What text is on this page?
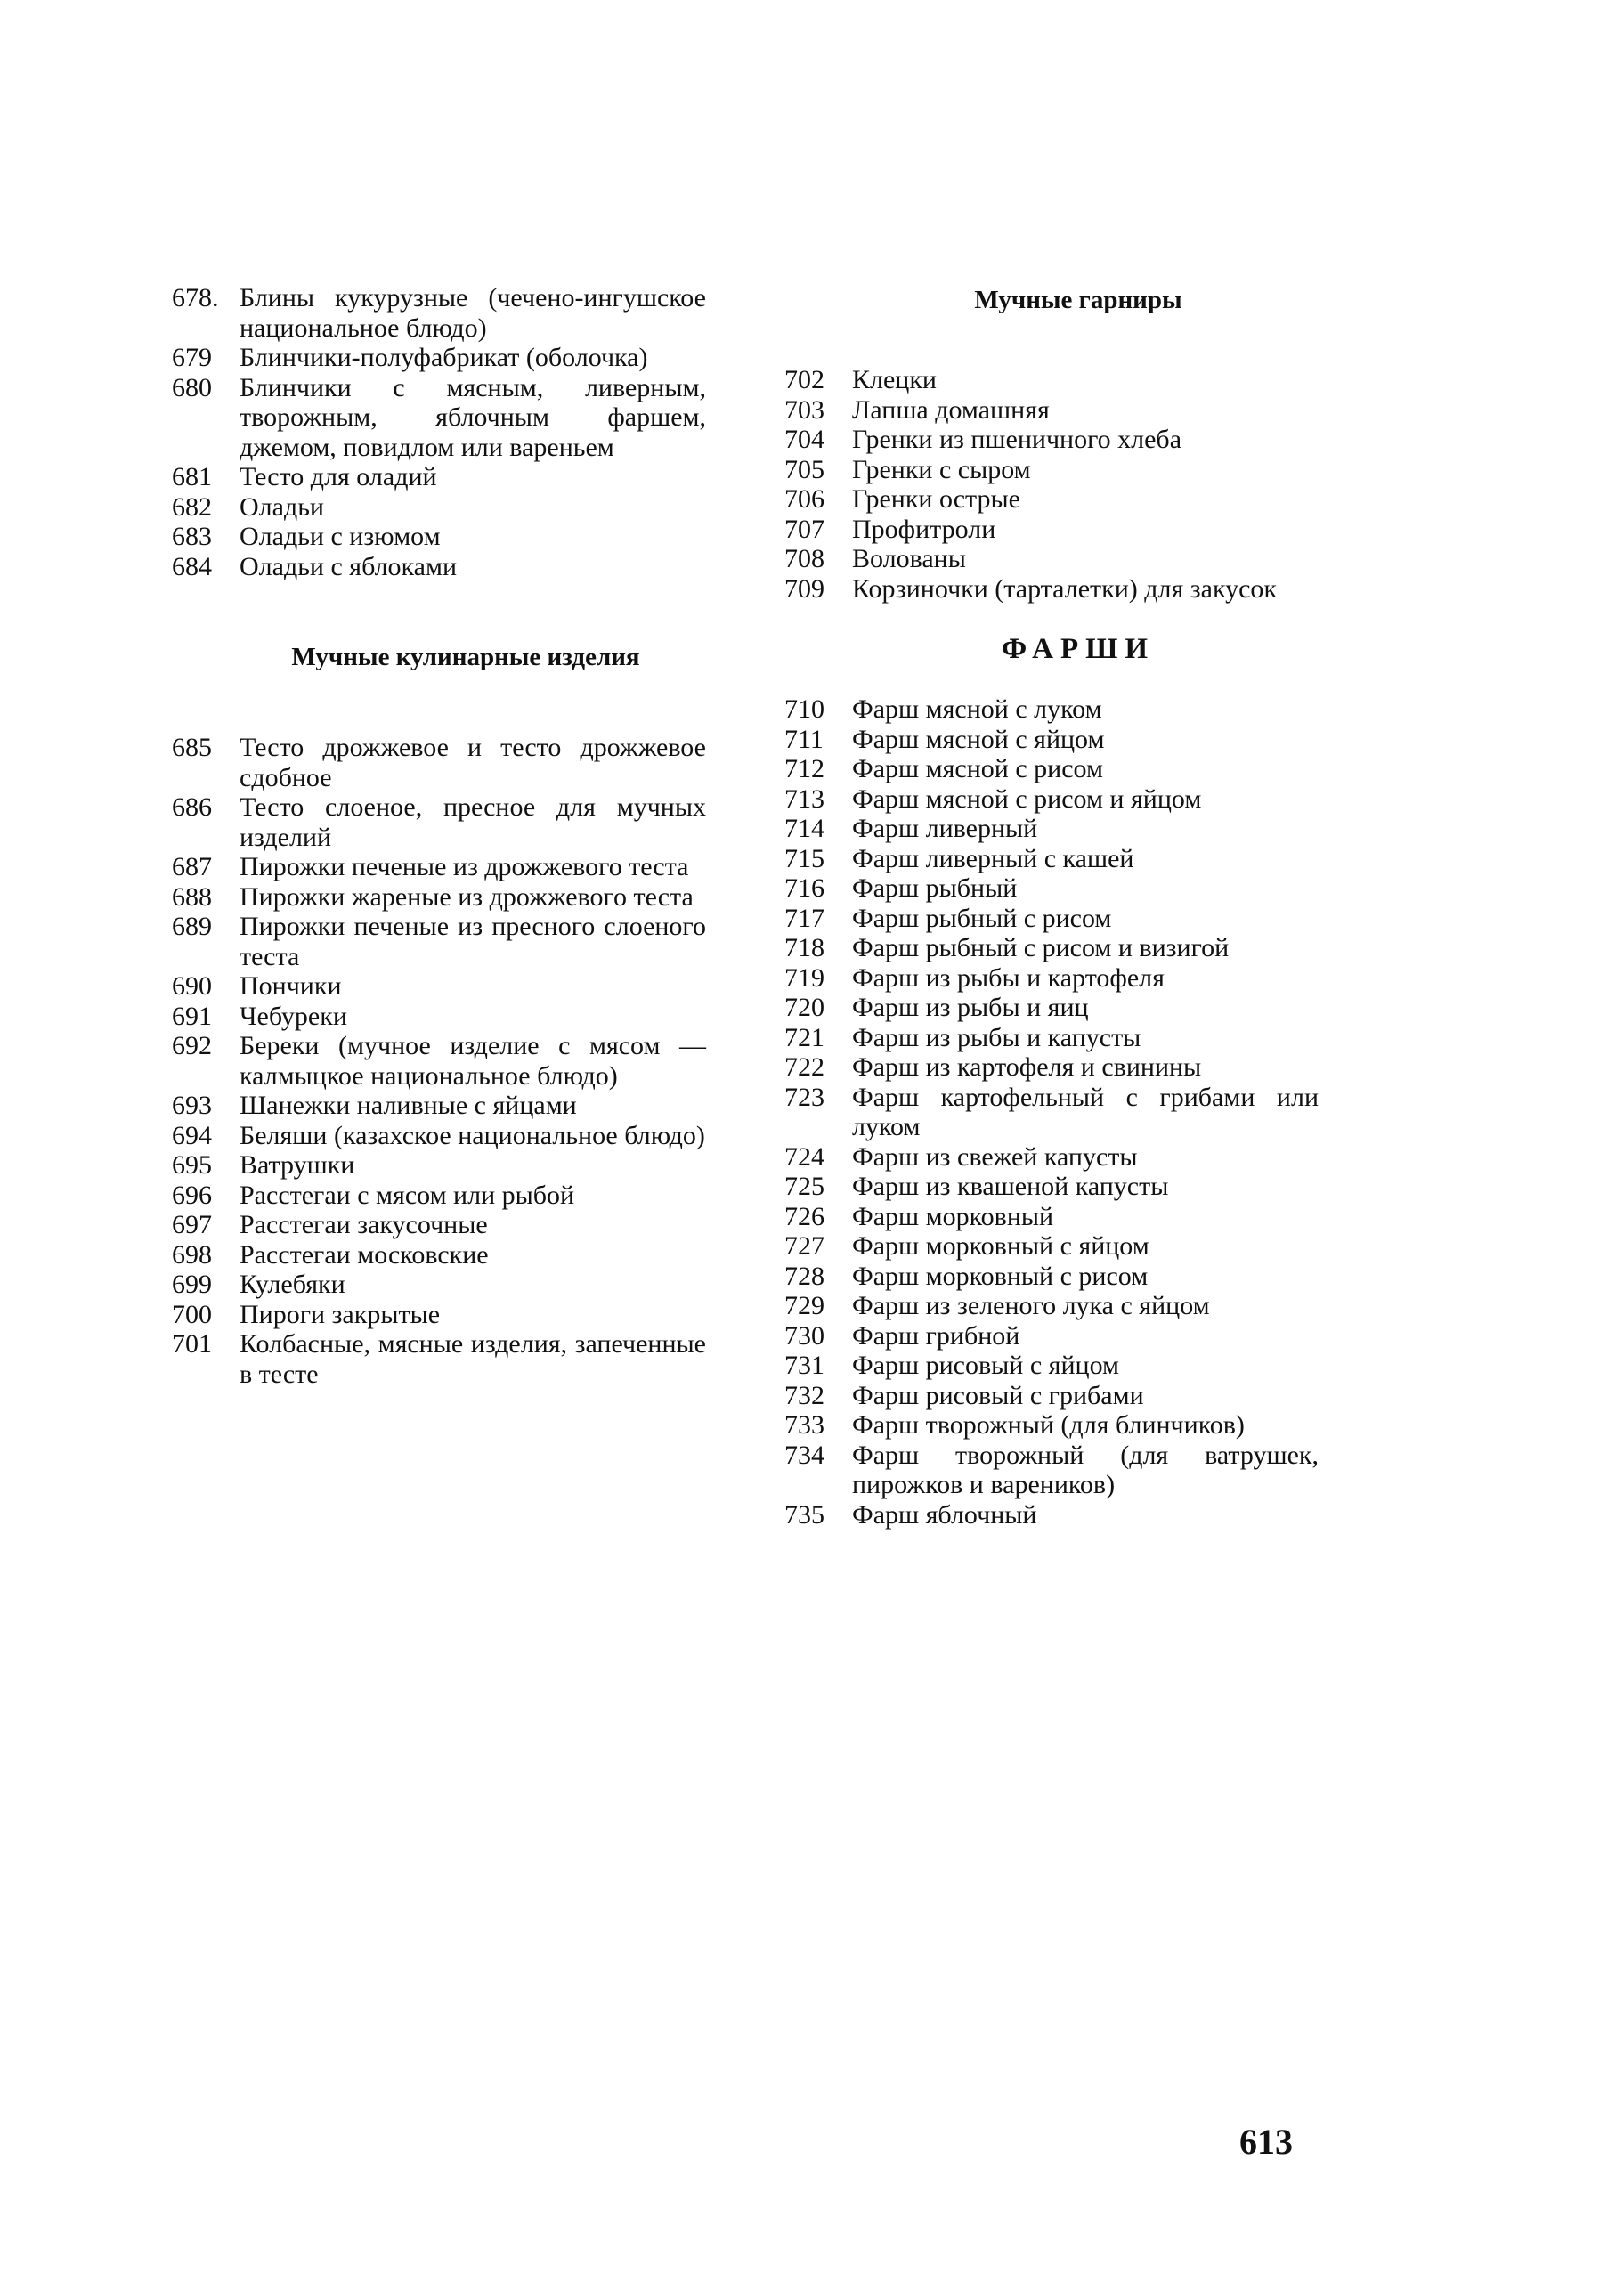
678. Блины кукурузные (чечено-ингушское национальное блюдо)
679	Блинчики-полуфабрикат (оболочка)
680	Блинчики с мясным, ливерным, творожным, яблочным фаршем, джемом, повидлом или вареньем
681	Тесто для оладий
682	Оладьи
683	Оладьи с изюмом
684	Оладьи с яблоками
Мучные кулинарные изделия
685	Тесто дрожжевое и тесто дрожжевое сдобное
686	Тесто слоеное, пресное для мучных изделий
687	Пирожки печеные из дрожжевого теста
688	Пирожки жареные из дрожжевого теста
689	Пирожки печеные из пресного слоеного теста
690	Пончики
691	Чебуреки
692	Береки (мучное изделие с мясом — калмыцкое национальное блюдо)
693	Шанежки наливные с яйцами
694	Беляши (казахское национальное блюдо)
695	Ватрушки
696	Расстегаи с мясом или рыбой
697	Расстегаи закусочные
698	Расстегаи московские
699	Кулебяки
700	Пироги закрытые
701	Колбасные, мясные изделия, запеченные в тесте
Мучные гарниры
702	Клецки
703	Лапша домашняя
704	Гренки из пшеничного хлеба
705	Гренки с сыром
706	Гренки острые
707	Профитроли
708	Волованы
709	Корзиночки (тарталетки) для закусок
ФАРШИ
710	Фарш мясной с луком
711	Фарш мясной с яйцом
712	Фарш мясной с рисом
713	Фарш мясной с рисом и яйцом
714	Фарш ливерный
715	Фарш ливерный с кашей
716	Фарш рыбный
717	Фарш рыбный с рисом
718	Фарш рыбный с рисом и визигой
719	Фарш из рыбы и картофеля
720	Фарш из рыбы и яиц
721	Фарш из рыбы и капусты
722	Фарш из картофеля и свинины
723	Фарш картофельный с грибами или луком
724	Фарш из свежей капусты
725	Фарш из квашеной капусты
726	Фарш морковный
727	Фарш морковный с яйцом
728	Фарш морковный с рисом
729	Фарш из зеленого лука с яйцом
730	Фарш грибной
731	Фарш рисовый с яйцом
732	Фарш рисовый с грибами
733	Фарш творожный (для блинчиков)
734	Фарш творожный (для ватрушек, пирожков и вареников)
735	Фарш яблочный
613
